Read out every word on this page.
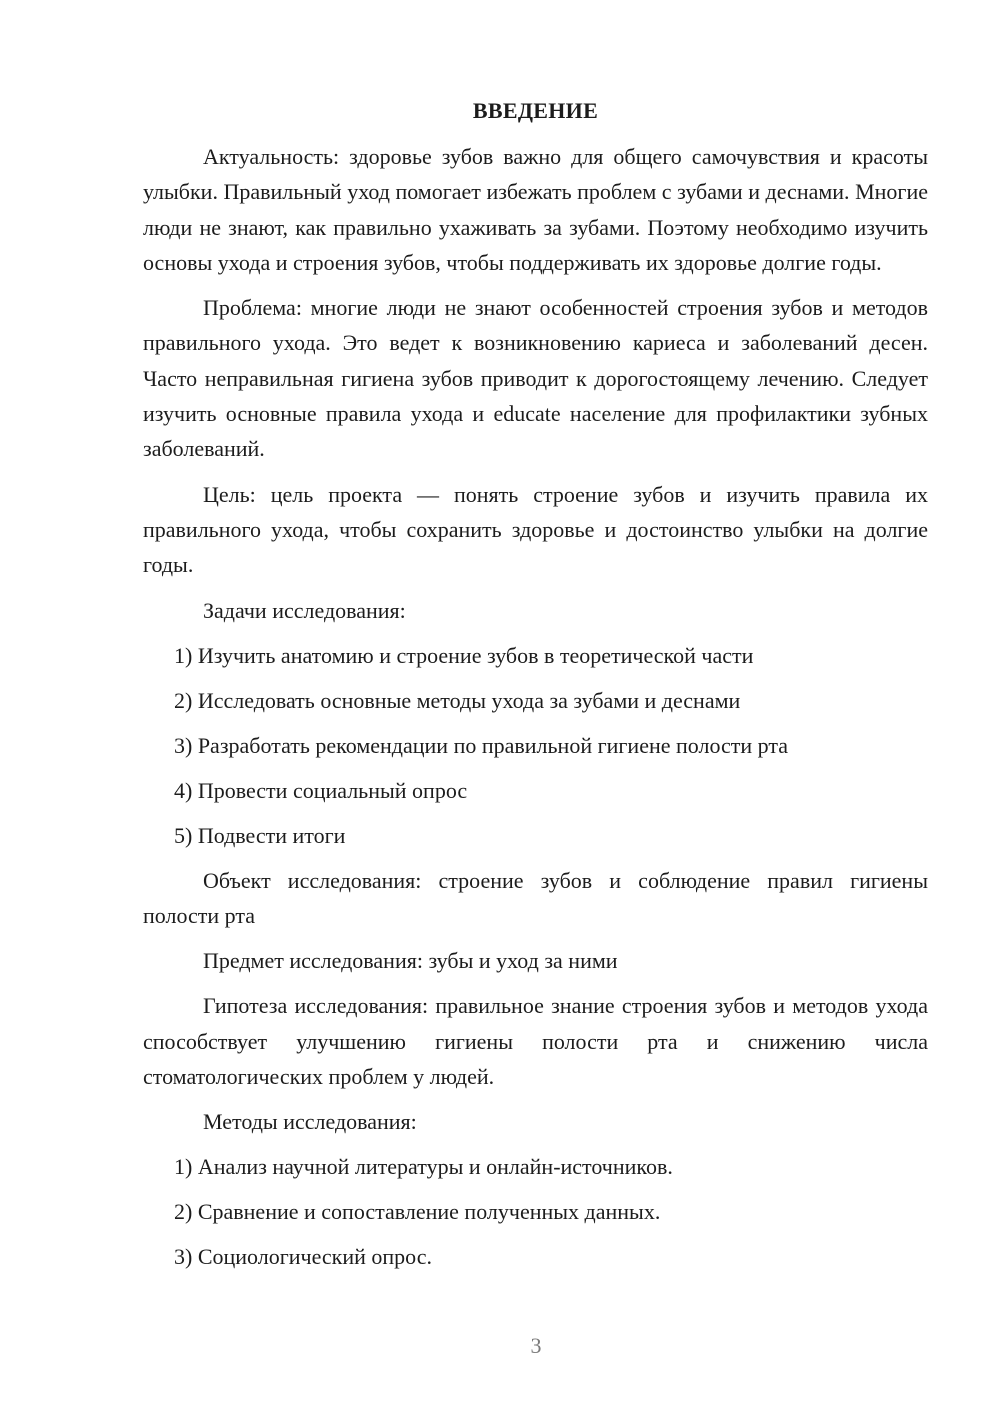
ВВЕДЕНИЕ

Актуальность: здоровье зубов важно для общего самочувствия и красоты улыбки. Правильный уход помогает избежать проблем с зубами и деснами. Многие люди не знают, как правильно ухаживать за зубами. Поэтому необходимо изучить основы ухода и строения зубов, чтобы поддерживать их здоровье долгие годы.

Проблема: многие люди не знают особенностей строения зубов и методов правильного ухода. Это ведет к возникновению кариеса и заболеваний десен. Часто неправильная гигиена зубов приводит к дорогостоящему лечению. Следует изучить основные правила ухода и educate население для профилактики зубных заболеваний.

Цель: цель проекта — понять строение зубов и изучить правила их правильного ухода, чтобы сохранить здоровье и достоинство улыбки на долгие годы.

Задачи исследования:

1) Изучить анатомию и строение зубов в теоретической части

2) Исследовать основные методы ухода за зубами и деснами

3) Разработать рекомендации по правильной гигиене полости рта

4) Провести социальный опрос

5) Подвести итоги

Объект исследования: строение зубов и соблюдение правил гигиены полости рта

Предмет исследования: зубы и уход за ними

Гипотеза исследования: правильное знание строения зубов и методов ухода способствует улучшению гигиены полости рта и снижению числа стоматологических проблем у людей.

Методы исследования:

1) Анализ научной литературы и онлайн-источников.

2) Сравнение и сопоставление полученных данных.

3) Социологический опрос.

3
